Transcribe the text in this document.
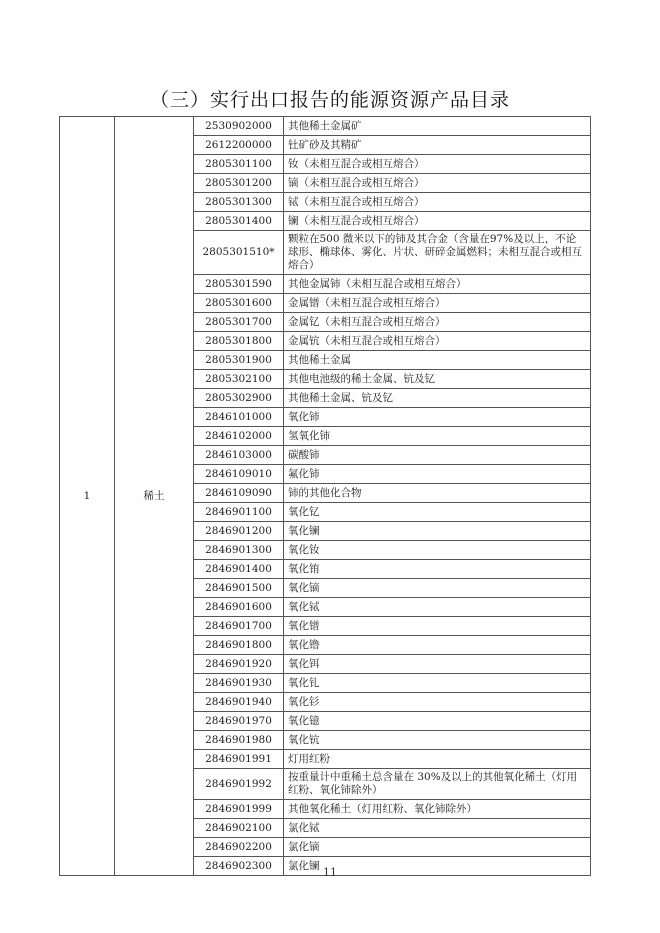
（三）实行出口报告的能源资源产品目录
1	稀土	2530902000	其他稀土金属矿
		2612200000	钍矿砂及其精矿
		2805301100	钕（未相互混合或相互熔合）
		2805301200	镝（未相互混合或相互熔合）
		2805301300	铽（未相互混合或相互熔合）
		2805301400	镧（未相互混合或相互熔合）
		2805301510*	颗粒在500 微米以下的铈及其合金（含量在97%及以上，不论球形、椭球体、雾化、片状、研碎金属燃料；未相互混合或相互熔合）
		2805301590	其他金属铈（未相互混合或相互熔合）
		2805301600	金属镨（未相互混合或相互熔合）
		2805301700	金属钇（未相互混合或相互熔合）
		2805301800	金属钪（未相互混合或相互熔合）
		2805301900	其他稀土金属
		2805302100	其他电池级的稀土金属、钪及钇
		2805302900	其他稀土金属、钪及钇
		2846101000	氧化铈
		2846102000	氢氧化铈
		2846103000	碳酸铈
		2846109010	氟化铈
		2846109090	铈的其他化合物
		2846901100	氧化钇
		2846901200	氧化镧
		2846901300	氧化钕
		2846901400	氧化铕
		2846901500	氧化镝
		2846901600	氧化铽
		2846901700	氧化镨
		2846901800	氧化镥
		2846901920	氧化铒
		2846901930	氧化钆
		2846901940	氧化钐
		2846901970	氧化镱
		2846901980	氧化钪
		2846901991	灯用红粉
		2846901992	按重量计中重稀土总含量在 30%及以上的其他氧化稀土（灯用红粉、氧化铈除外）
		2846901999	其他氧化稀土（灯用红粉、氧化铈除外）
		2846902100	氯化铽
		2846902200	氯化镝
		2846902300	氯化镧
11
